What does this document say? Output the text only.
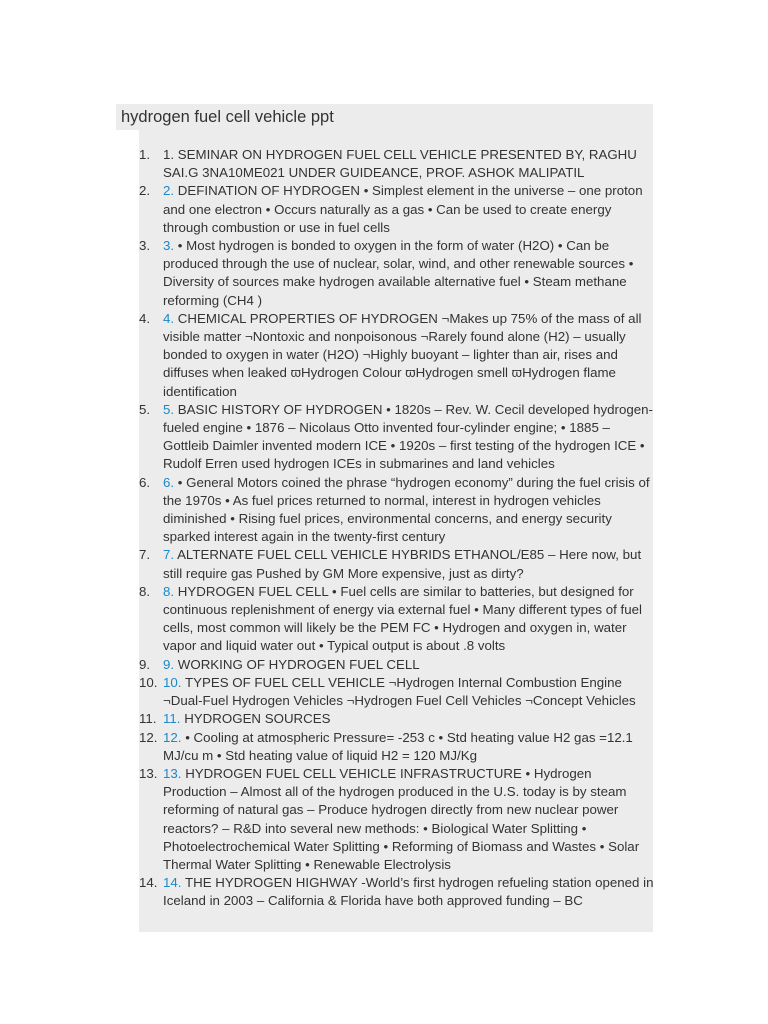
hydrogen fuel cell vehicle ppt
1. 1. SEMINAR ON HYDROGEN FUEL CELL VEHICLE PRESENTED BY, RAGHU SAI.G 3NA10ME021 UNDER GUIDEANCE, PROF. ASHOK MALIPATIL
2. 2. DEFINATION OF HYDROGEN • Simplest element in the universe – one proton and one electron • Occurs naturally as a gas • Can be used to create energy through combustion or use in fuel cells
3. 3. • Most hydrogen is bonded to oxygen in the form of water (H2O) • Can be produced through the use of nuclear, solar, wind, and other renewable sources • Diversity of sources make hydrogen available alternative fuel • Steam methane reforming (CH4 )
4. 4. CHEMICAL PROPERTIES OF HYDROGEN ¬Makes up 75% of the mass of all visible matter ¬Nontoxic and nonpoisonous ¬Rarely found alone (H2) – usually bonded to oxygen in water (H2O) ¬Highly buoyant – lighter than air, rises and diffuses when leaked ϖHydrogen Colour ϖHydrogen smell ϖHydrogen flame identification
5. 5. BASIC HISTORY OF HYDROGEN • 1820s – Rev. W. Cecil developed hydrogen- fueled engine • 1876 – Nicolaus Otto invented four-cylinder engine; • 1885 – Gottleib Daimler invented modern ICE • 1920s – first testing of the hydrogen ICE • Rudolf Erren used hydrogen ICEs in submarines and land vehicles
6. 6. • General Motors coined the phrase “hydrogen economy” during the fuel crisis of the 1970s • As fuel prices returned to normal, interest in hydrogen vehicles diminished • Rising fuel prices, environmental concerns, and energy security sparked interest again in the twenty-first century
7. 7. ALTERNATE FUEL CELL VEHICLE HYBRIDS ETHANOL/E85 – Here now, but still require gas Pushed by GM More expensive, just as dirty?
8. 8. HYDROGEN FUEL CELL • Fuel cells are similar to batteries, but designed for continuous replenishment of energy via external fuel • Many different types of fuel cells, most common will likely be the PEM FC • Hydrogen and oxygen in, water vapor and liquid water out • Typical output is about .8 volts
9. 9. WORKING OF HYDROGEN FUEL CELL
10. 10. TYPES OF FUEL CELL VEHICLE ¬Hydrogen Internal Combustion Engine ¬Dual-Fuel Hydrogen Vehicles ¬Hydrogen Fuel Cell Vehicles ¬Concept Vehicles
11. 11. HYDROGEN SOURCES
12. 12. • Cooling at atmospheric Pressure= -253 c • Std heating value H2 gas =12.1 MJ/cu m • Std heating value of liquid H2 = 120 MJ/Kg
13. 13. HYDROGEN FUEL CELL VEHICLE INFRASTRUCTURE • Hydrogen Production – Almost all of the hydrogen produced in the U.S. today is by steam reforming of natural gas – Produce hydrogen directly from new nuclear power reactors? – R&D into several new methods: • Biological Water Splitting • Photoelectrochemical Water Splitting • Reforming of Biomass and Wastes • Solar Thermal Water Splitting • Renewable Electrolysis
14. 14. THE HYDROGEN HIGHWAY -World’s first hydrogen refueling station opened in Iceland in 2003 – California & Florida have both approved funding – BC
